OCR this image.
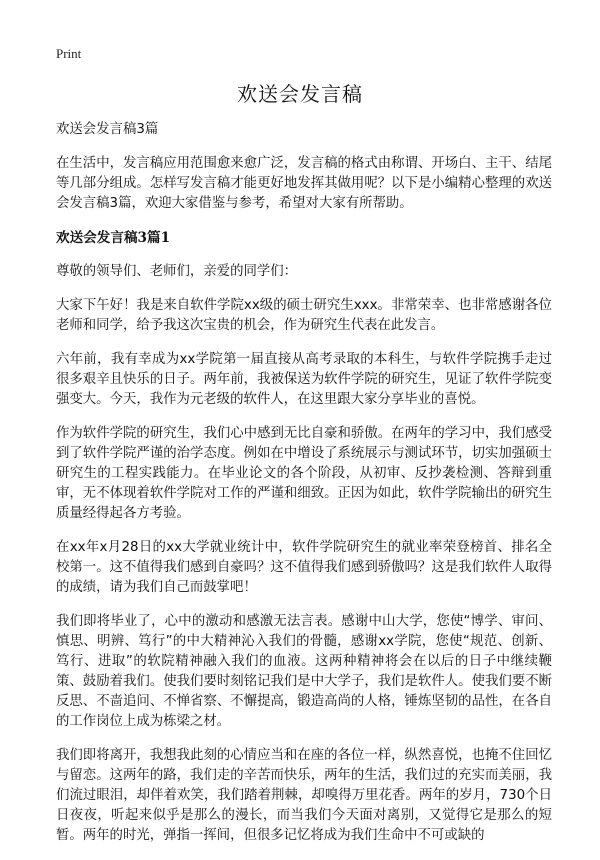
Print
欢送会发言稿

欢送会发言稿3篇

在生活中，发言稿应用范围愈来愈广泛，发言稿的格式由称谓、开场白、主干、结尾等几部分组成。怎样写发言稿才能更好地发挥其做用呢？以下是小编精心整理的欢送会发言稿3篇，欢迎大家借鉴与参考，希望对大家有所帮助。

欢送会发言稿3篇1

尊敬的领导们、老师们，亲爱的同学们：

大家下午好！我是来自软件学院xx级的硕士研究生xxx。非常荣幸、也非常感谢各位老师和同学，给予我这次宝贵的机会，作为研究生代表在此发言。

六年前，我有幸成为xx学院第一届直接从高考录取的本科生，与软件学院携手走过很多艰辛且快乐的日子。两年前，我被保送为软件学院的研究生，见证了软件学院变强变大。今天，我作为元老级的软件人，在这里跟大家分享毕业的喜悦。

作为软件学院的研究生，我们心中感到无比自豪和骄傲。在两年的学习中，我们感受到了软件学院严谨的治学态度。例如在中增设了系统展示与测试环节，切实加强硕士研究生的工程实践能力。在毕业论文的各个阶段，从初审、反抄袭检测、答辩到重审，无不体现着软件学院对工作的严谨和细致。正因为如此，软件学院输出的研究生质量经得起各方考验。

在xx年x月28日的xx大学就业统计中，软件学院研究生的就业率荣登榜首、排名全校第一。这不值得我们感到自豪吗？这不值得我们感到骄傲吗？这是我们软件人取得的成绩，请为我们自己而鼓掌吧！

我们即将毕业了，心中的激动和感激无法言表。感谢中山大学，您使“博学、审问、慎思、明辨、笃行”的中大精神沁入我们的骨髓，感谢xx学院，您使“规范、创新、笃行、进取”的软院精神融入我们的血液。这两种精神将会在以后的日子中继续鞭策、鼓励着我们。使我们要时刻铭记我们是中大学子，我们是软件人。使我们要不断反思、不啬追问、不惮省察、不懈提高，锻造高尚的人格，锤炼坚韧的品性，在各自的工作岗位上成为栋梁之材。

我们即将离开，我想我此刻的心情应当和在座的各位一样，纵然喜悦，也掩不住回忆与留恋。这两年的路，我们走的辛苦而快乐，两年的生活，我们过的充实而美丽，我们流过眼泪，却伴着欢笑，我们踏着荆棘，却嗅得万里花香。两年的岁月，730个日日夜夜，听起来似乎是那么的漫长，而当我们今天面对离别，又觉得它是那么的短暂。两年的时光，弹指一挥间，但很多记忆将成为我们生命中不可或缺的
